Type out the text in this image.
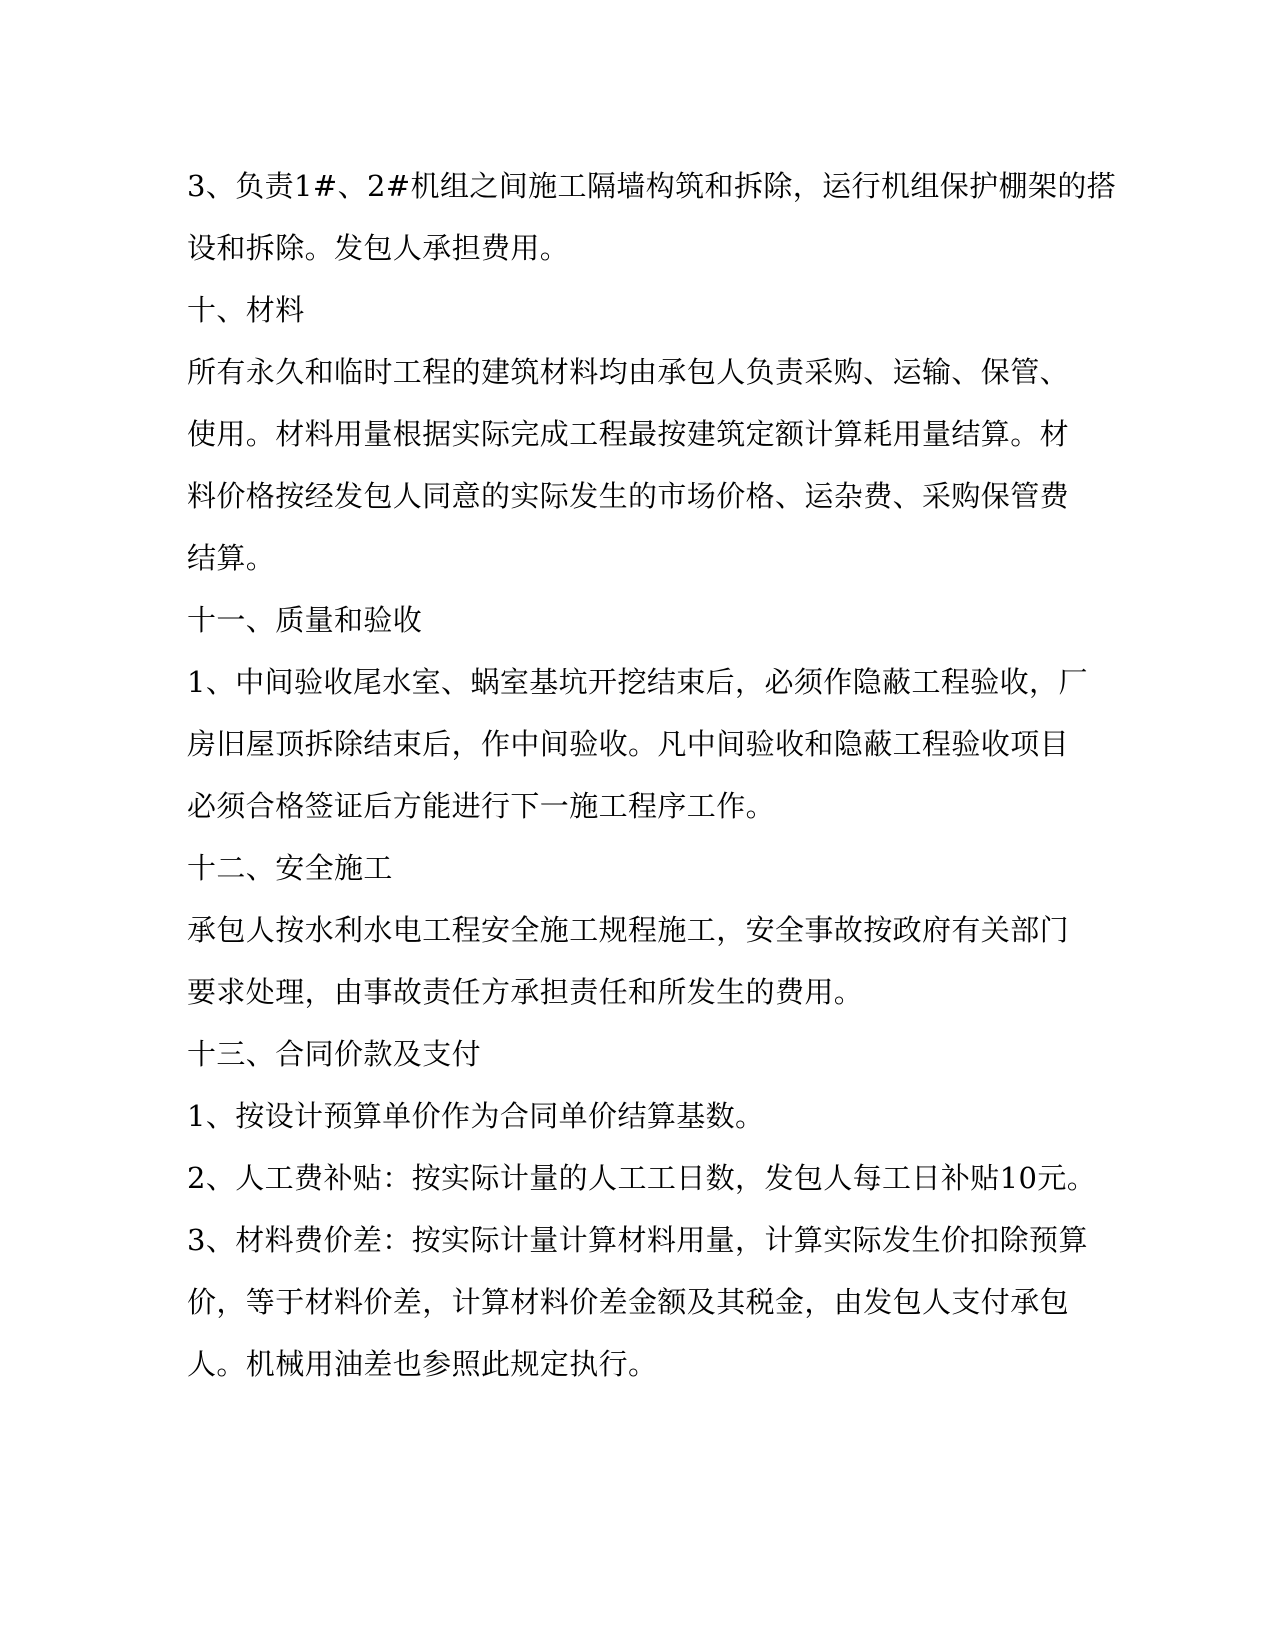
3、负责1#、2#机组之间施工隔墙构筑和拆除，运行机组保护棚架的搭
设和拆除。发包人承担费用。
十、材料
所有永久和临时工程的建筑材料均由承包人负责采购、运输、保管、
使用。材料用量根据实际完成工程最按建筑定额计算耗用量结算。材
料价格按经发包人同意的实际发生的市场价格、运杂费、采购保管费
结算。
十一、质量和验收
1、中间验收尾水室、蜗室基坑开挖结束后，必须作隐蔽工程验收，厂
房旧屋顶拆除结束后，作中间验收。凡中间验收和隐蔽工程验收项目
必须合格签证后方能进行下一施工程序工作。
十二、安全施工
承包人按水利水电工程安全施工规程施工，安全事故按政府有关部门
要求处理，由事故责任方承担责任和所发生的费用。
十三、合同价款及支付
1、按设计预算单价作为合同单价结算基数。
2、人工费补贴：按实际计量的人工工日数，发包人每工日补贴10元。
3、材料费价差：按实际计量计算材料用量，计算实际发生价扣除预算
价，等于材料价差，计算材料价差金额及其税金，由发包人支付承包
人。机械用油差也参照此规定执行。
